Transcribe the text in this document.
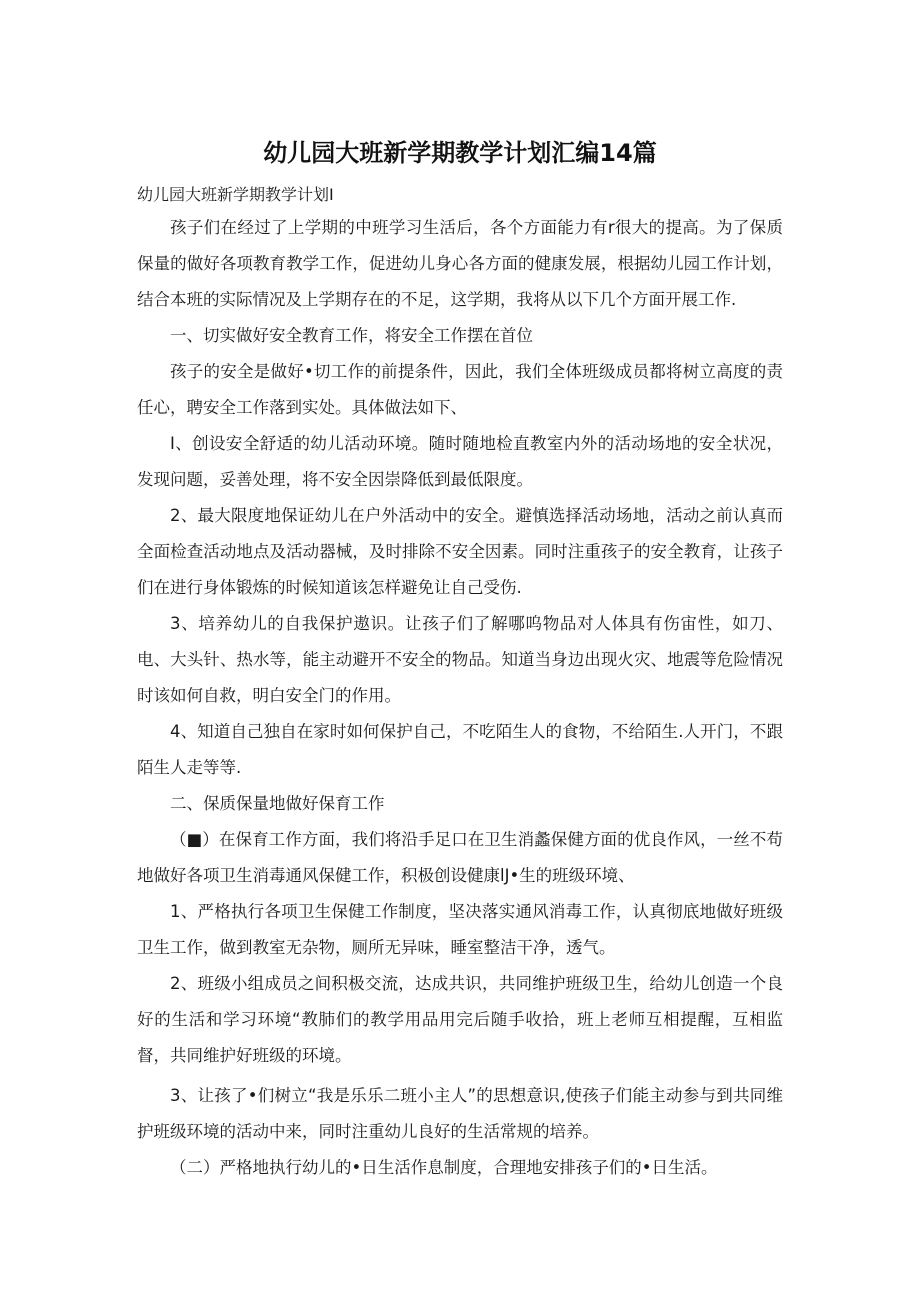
幼儿园大班新学期教学计划汇编14篇
幼儿园大班新学期教学计划I

孩子们在经过了上学期的中班学习生活后，各个方面能力有r很大的提高。为了保质保量的做好各项教育教学工作，促进幼儿身心各方面的健康发展，根据幼儿园工作计划，结合本班的实际情况及上学期存在的不足，这学期，我将从以下几个方面开展工作.

一、切实做好安全教育工作，将安全工作摆在首位

孩子的安全是做好•切工作的前提条件，因此，我们全体班级成员都将树立高度的责任心，聘安全工作落到实处。具体做法如下、

I、创设安全舒适的幼儿活动环境。随时随地检直教室内外的活动场地的安全状况，发现问题，妥善处理，将不安全因崇降低到最低限度。

2、最大限度地保证幼儿在户外活动中的安全。避慎选择活动场地，活动之前认真而全面检查活动地点及活动器械，及时排除不安全因素。同时注重孩子的安全教育，让孩子们在进行身体锻炼的时候知道该怎样避免让自己受伤.

3、培养幼儿的自我保护遨识。让孩子们了解哪呜物品对人体具有伤宙性，如刀、电、大头针、热水等，能主动避开不安全的物品。知道当身边出现火灾、地震等危险情况时该如何自救，明白安全门的作用。

4、知道自己独自在家时如何保护自己，不吃陌生人的食物，不给陌生.人开门，不跟陌生人走等等.

二、保质保量地做好保育工作

（■）在保育工作方面，我们将沿手足口在卫生消蠡保健方面的优良作风，一丝不苟地做好各项卫生消毒通风保健工作，积极创设健康lJ•生的班级环境、

1、严格执行各项卫生保健工作制度，坚决落实通风消毒工作，认真彻底地做好班级卫生工作，做到教室无杂物，厕所无异味，睡室整洁干净，透气。

2、班级小组成员之间积极交流，达成共识，共同维护班级卫生，给幼儿创造一个良好的生活和学习环境“教肺们的教学用品用完后随手收拾，班上老师互相提醒，互相监督，共同维护好班级的环境。

3、让孩了•们树立“我是乐乐二班小主人”的思想意识,使孩子们能主动参与到共同维护班级环境的活动中来，同时注重幼儿良好的生活常规的培养。

（二）严格地执行幼儿的•日生活作息制度，合理地安排孩子们的•日生活。
